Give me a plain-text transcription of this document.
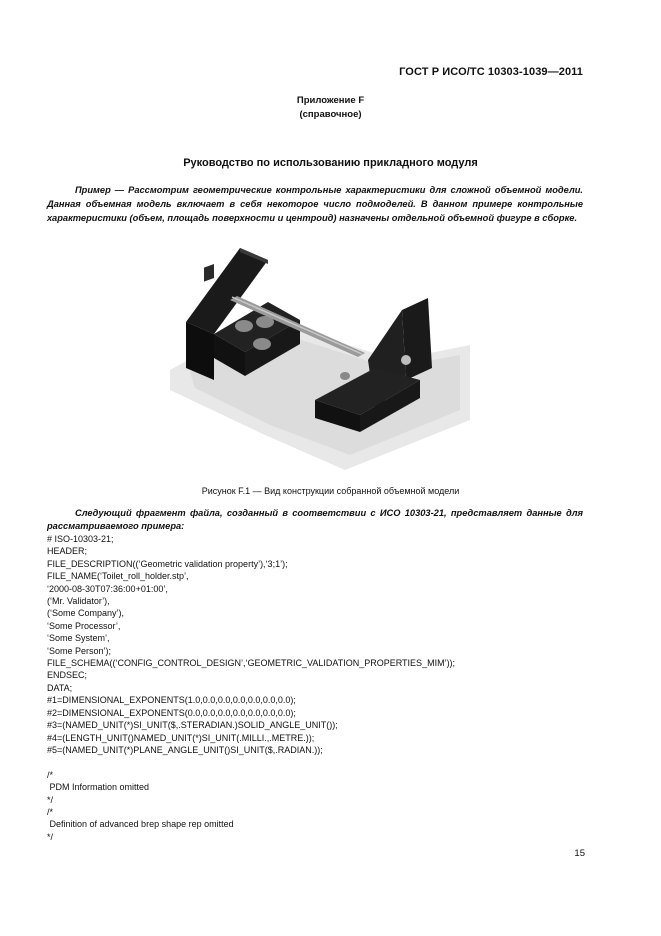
ГОСТ Р ИСО/ТС 10303-1039—2011
Приложение F
(справочное)
Руководство по использованию прикладного модуля
Пример — Рассмотрим геометрические контрольные характеристики для сложной объемной модели. Данная объемная модель включает в себя некоторое число подмоделей. В данном примере контрольные характеристики (объем, площадь поверхности и центроид) назначены отдельной объемной фигуре в сборке.
Рисунок F.1 — Вид конструкции собранной объемной модели
Следующий фрагмент файла, созданный в соответствии с ИСО 10303-21, представляет данные для рассматриваемого примера:
# ISO-10303-21;
HEADER;
FILE_DESCRIPTION((‘Geometric validation property’),‘3;1’);
FILE_NAME(‘Toilet_roll_holder.stp’,
‘2000-08-30T07:36:00+01:00’,
(‘Mr. Validator’),
(‘Some Company’),
‘Some Processor’,
‘Some System’,
‘Some Person’);
FILE_SCHEMA((‘CONFIG_CONTROL_DESIGN’,‘GEOMETRIC_VALIDATION_PROPERTIES_MIM’));
ENDSEC;
DATA;
#1=DIMENSIONAL_EXPONENTS(1.0,0.0,0.0,0.0,0.0,0.0,0.0);
#2=DIMENSIONAL_EXPONENTS(0.0,0.0,0.0,0.0,0.0,0.0,0.0);
#3=(NAMED_UNIT(*)SI_UNIT($,.STERADIAN.)SOLID_ANGLE_UNIT());
#4=(LENGTH_UNIT()NAMED_UNIT(*)SI_UNIT(.MILLI.,.METRE.));
#5=(NAMED_UNIT(*)PLANE_ANGLE_UNIT()SI_UNIT($,.RADIAN.));

/*
PDM Information omitted
*/
/*
Definition of advanced brep shape rep omitted
*/
15
